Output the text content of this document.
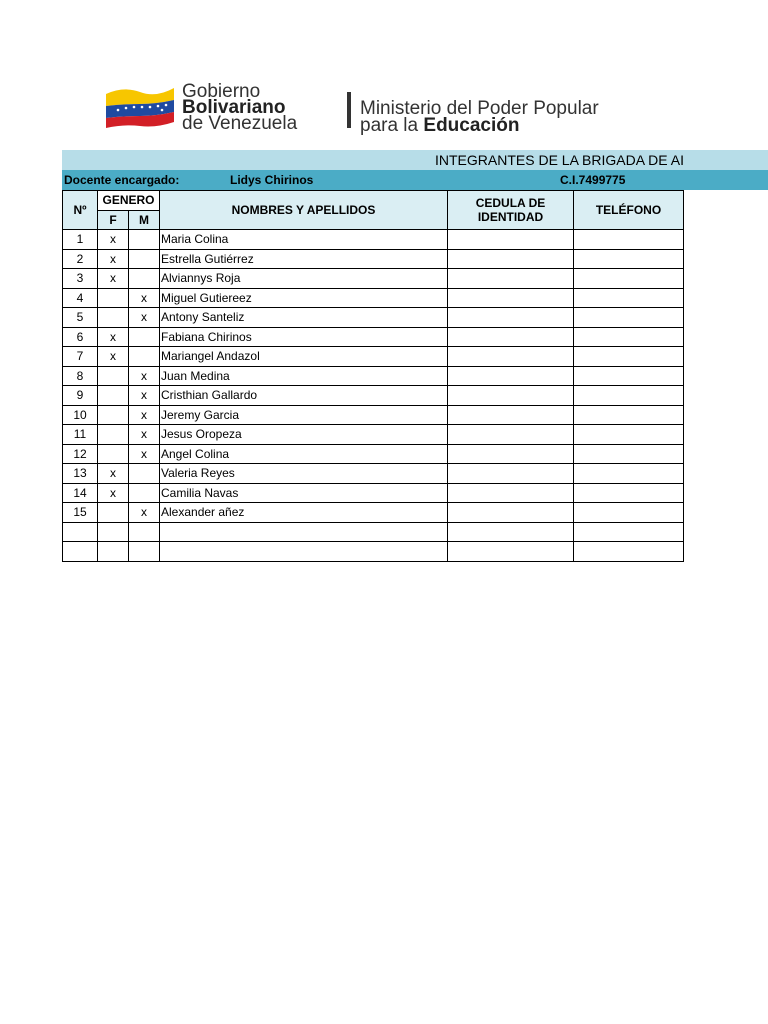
Gobierno
Bolivariano
de Venezuela
Ministerio del Poder Popular
para la Educación
INTEGRANTES DE LA BRIGADA DE AI
Docente encargado:	Lidys Chirinos	C.I.7499775
Nº	GENERO		NOMBRES Y APELLIDOS	CEDULA DE IDENTIDAD	TELÉFONO
	F	M			
1	x		Maria Colina		
2	x		Estrella Gutiérrez		
3	x		Alviannys Roja		
4		x	Miguel Gutiereez		
5		x	Antony Santeliz		
6	x		Fabiana Chirinos		
7	x		Mariangel Andazol		
8		x	Juan Medina		
9		x	Cristhian Gallardo		
10		x	Jeremy Garcia		
11		x	Jesus Oropeza		
12		x	Angel Colina		
13	x		Valeria Reyes		
14	x		Camilia Navas		
15		x	Alexander añez		
